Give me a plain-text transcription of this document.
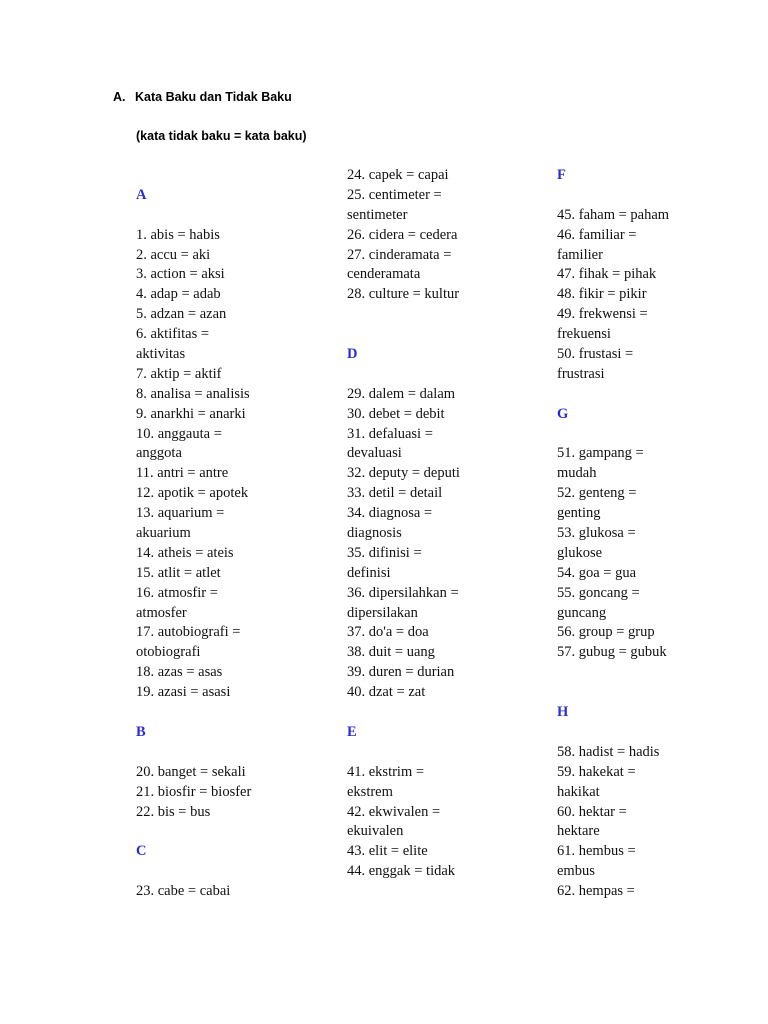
A. Kata Baku dan Tidak Baku
(kata tidak baku = kata baku)
A
1. abis = habis
2. accu = aki
3. action = aksi
4. adap = adab
5. adzan = azan
6. aktifitas =
aktivitas
7. aktip = aktif
8. analisa = analisis
9. anarkhi = anarki
10. anggauta =
anggota
11. antri = antre
12. apotik = apotek
13. aquarium =
akuarium
14. atheis = ateis
15. atlit = atlet
16. atmosfir =
atmosfer
17. autobiografi =
otobiografi
18. azas = asas
19. azasi = asasi
B
20. banget = sekali
21. biosfir = biosfer
22. bis = bus
C
23. cabe = cabai
24. capek = capai
25. centimeter =
sentimeter
26. cidera = cedera
27. cinderamata =
cenderamata
28. culture = kultur
D
29. dalem = dalam
30. debet = debit
31. defaluasi =
devaluasi
32. deputy = deputi
33. detil = detail
34. diagnosa =
diagnosis
35. difinisi =
definisi
36. dipersilahkan =
dipersilakan
37. do'a = doa
38. duit = uang
39. duren = durian
40. dzat = zat
E
41. ekstrim =
ekstrem
42. ekwivalen =
ekuivalen
43. elit = elite
44. enggak = tidak
F
45. faham = paham
46. familiar =
familier
47. fihak = pihak
48. fikir = pikir
49. frekwensi =
frekuensi
50. frustasi =
frustrasi
G
51. gampang =
mudah
52. genteng =
genting
53. glukosa =
glukose
54. goa = gua
55. goncang =
guncang
56. group = grup
57. gubug = gubuk
H
58. hadist = hadis
59. hakekat =
hakikat
60. hektar =
hektare
61. hembus =
embus
62. hempas =
